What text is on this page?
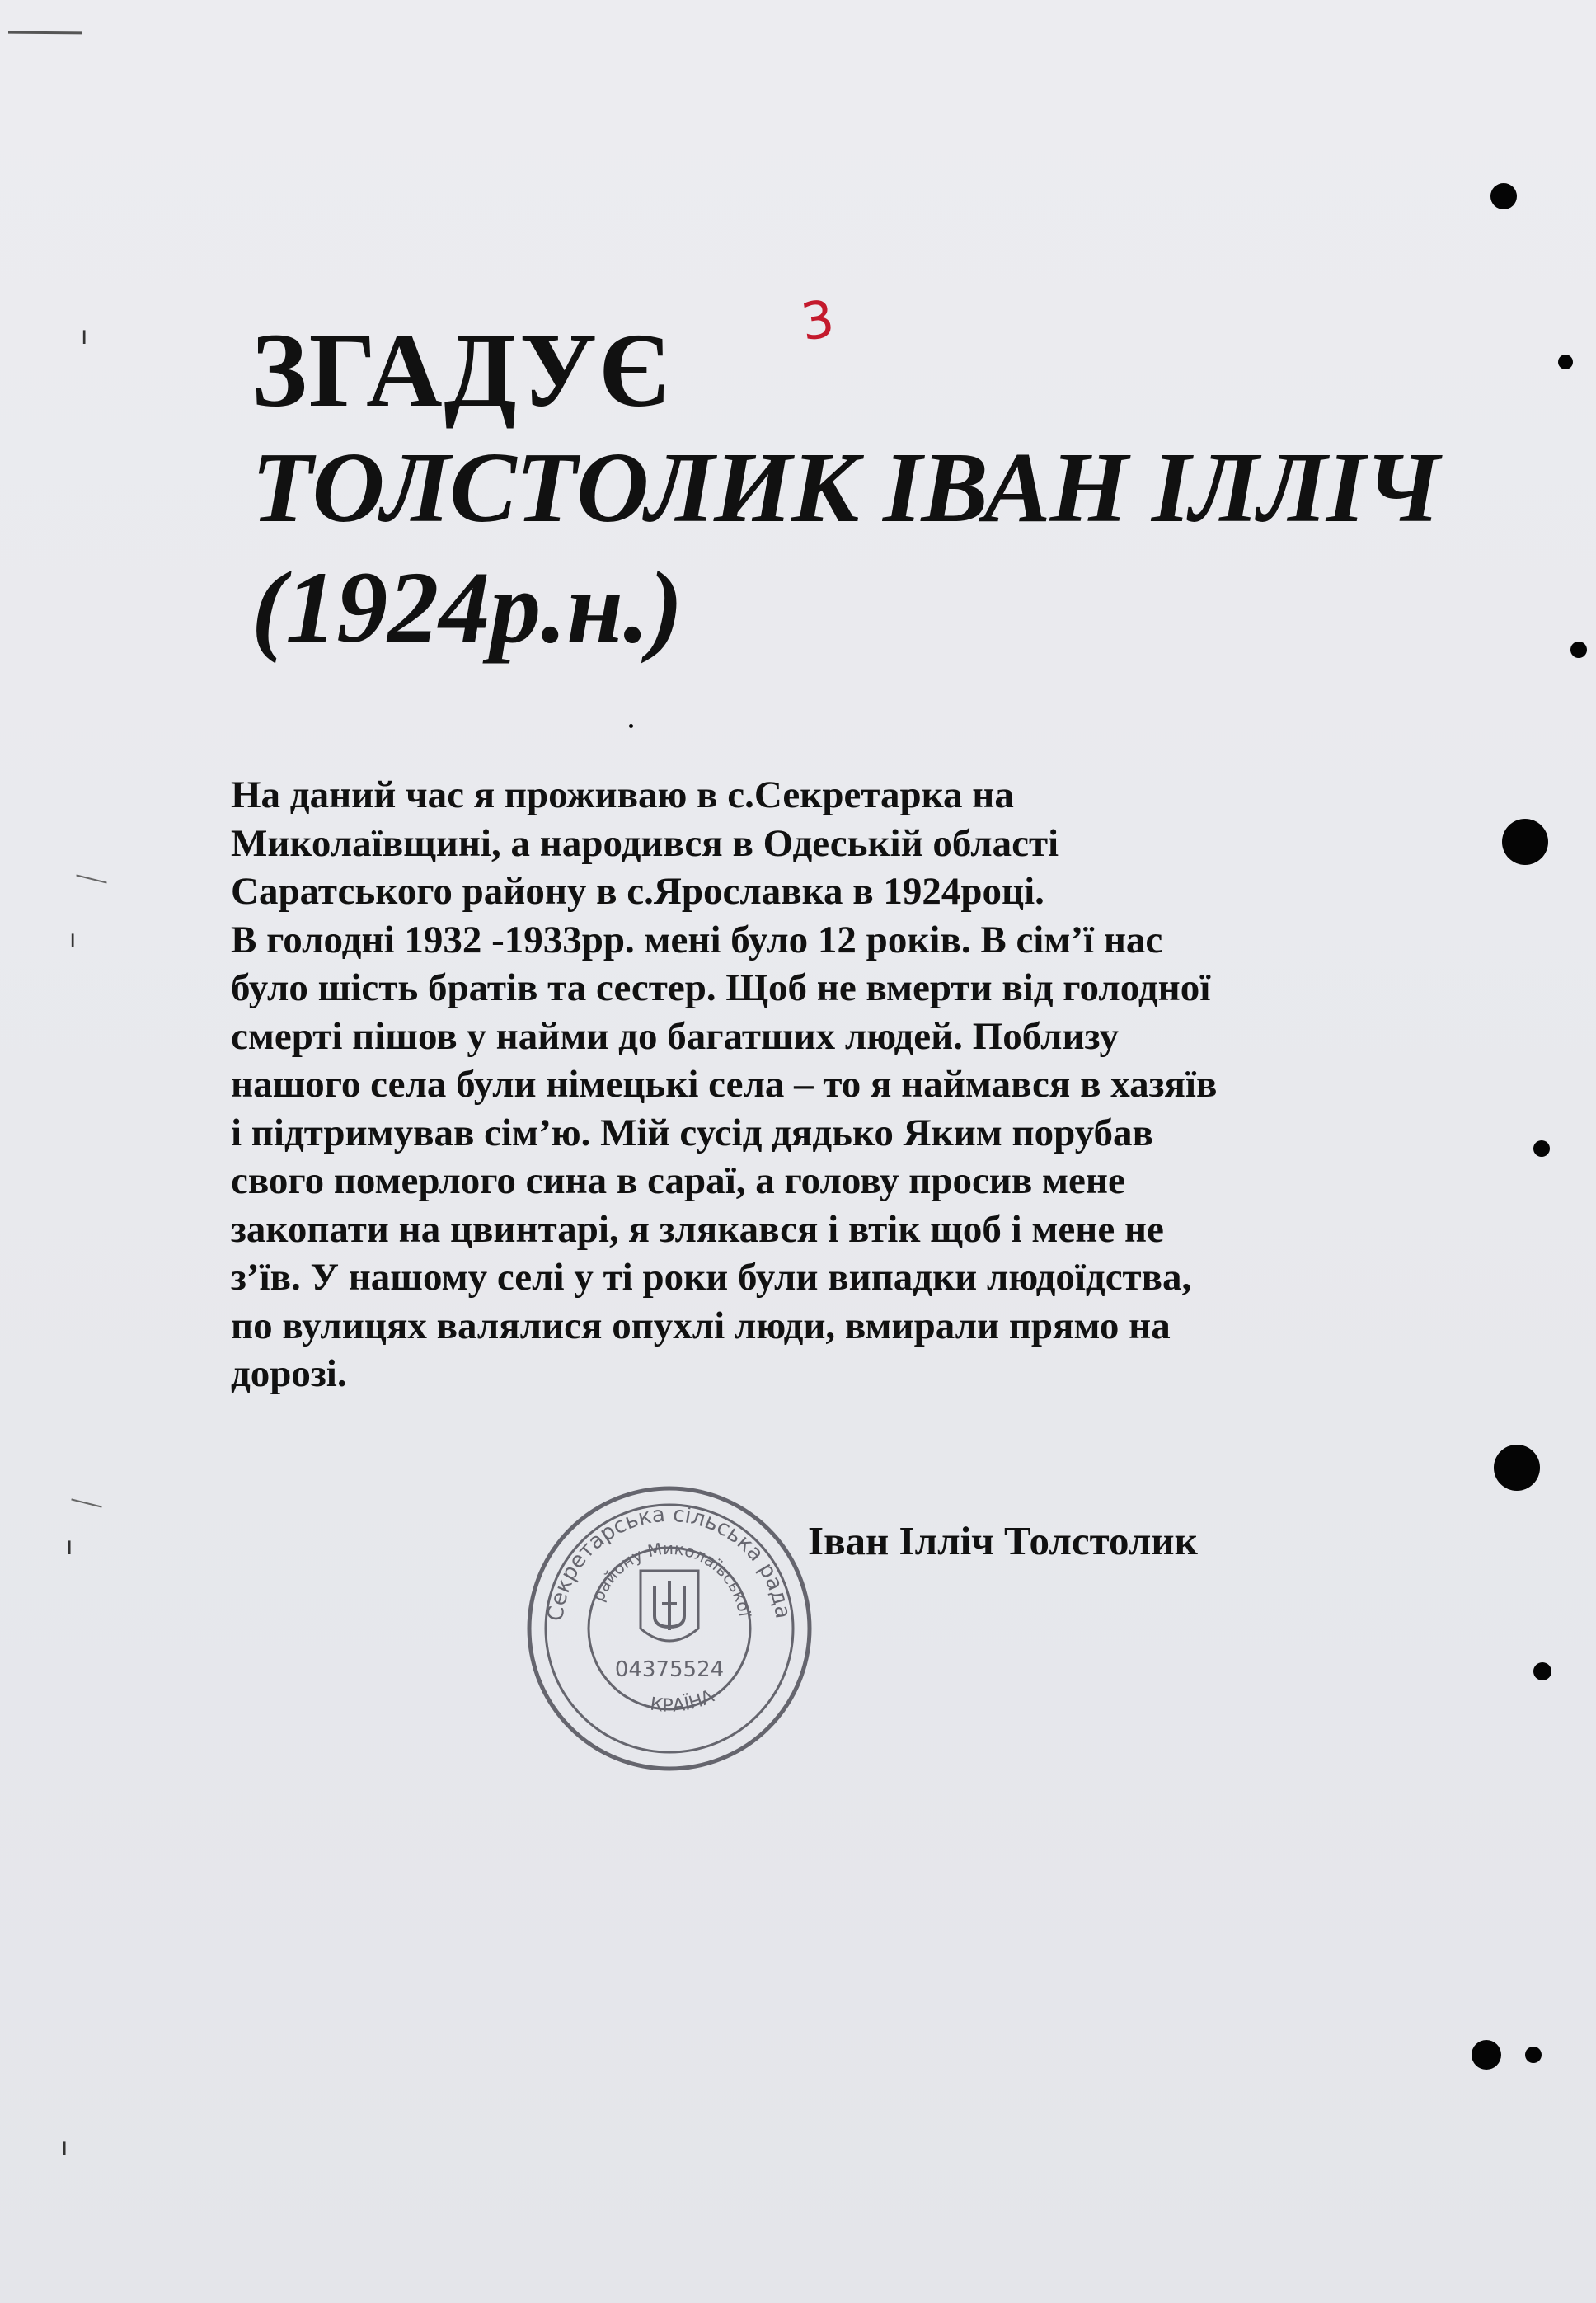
3
ЗГАДУЄ
ТОЛСТОЛИК ІВАН ІЛЛІЧ
(1924р.н.)
На даний час я проживаю в с.Секретарка на
Миколаївщині, а народився в Одеській області
Саратського району в с.Ярославка в 1924році.
В голодні 1932 -1933рр. мені було 12 років. В сім’ї нас
було шість братів та сестер. Щоб не вмерти від голодної
смерті пішов у найми до багатших людей. Поблизу
нашого села були німецькі села – то я наймався в хазяїв
і підтримував сім’ю. Мій сусід дядько Яким порубав
свого померлого сина в сараї, а голову просив мене
закопати на цвинтарі, я злякався і втік щоб і мене не
з’їв. У нашому селі у ті роки були випадки людоїдства,
по вулицях валялися опухлі люди, вмирали прямо на
дорозі.
Іван Ілліч Толстолик
Секретарська сільська рада
району Миколаївської
04375524
КРАЇНА
ı
ı
ı
ı
